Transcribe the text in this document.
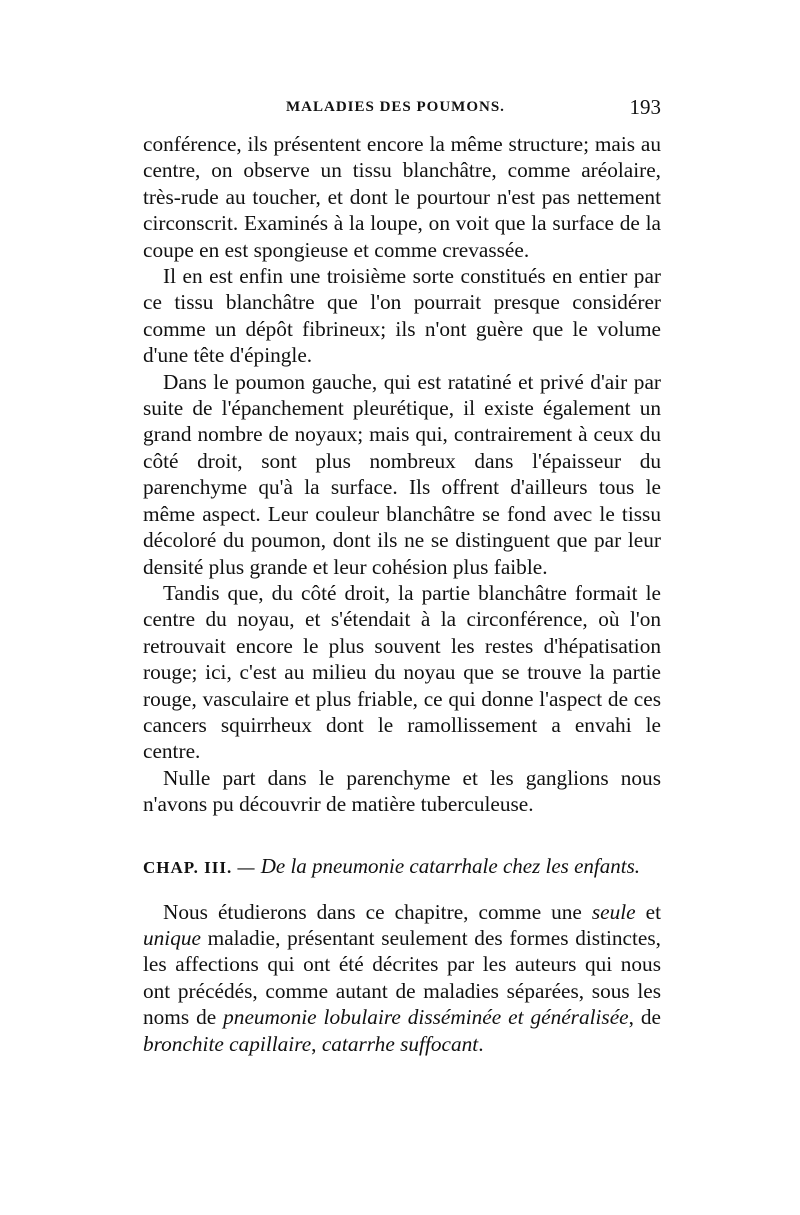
MALADIES DES POUMONS.	193

conférence, ils présentent encore la même structure; mais au centre, on observe un tissu blanchâtre, comme aréolaire, très-rude au toucher, et dont le pourtour n'est pas nettement circonscrit. Examinés à la loupe, on voit que la surface de la coupe en est spongieuse et comme crevassée.

Il en est enfin une troisième sorte constitués en entier par ce tissu blanchâtre que l'on pourrait presque considérer comme un dépôt fibrineux; ils n'ont guère que le volume d'une tête d'épingle.

Dans le poumon gauche, qui est ratatiné et privé d'air par suite de l'épanchement pleurétique, il existe également un grand nombre de noyaux; mais qui, contrairement à ceux du côté droit, sont plus nombreux dans l'épaisseur du parenchyme qu'à la surface. Ils offrent d'ailleurs tous le même aspect. Leur couleur blanchâtre se fond avec le tissu décoloré du poumon, dont ils ne se distinguent que par leur densité plus grande et leur cohésion plus faible.

Tandis que, du côté droit, la partie blanchâtre formait le centre du noyau, et s'étendait à la circonférence, où l'on retrouvait encore le plus souvent les restes d'hépatisation rouge; ici, c'est au milieu du noyau que se trouve la partie rouge, vasculaire et plus friable, ce qui donne l'aspect de ces cancers squirrheux dont le ramollissement a envahi le centre.

Nulle part dans le parenchyme et les ganglions nous n'avons pu découvrir de matière tuberculeuse.

CHAP. III. — De la pneumonie catarrhale chez les enfants.

Nous étudierons dans ce chapitre, comme une seule et unique maladie, présentant seulement des formes distinctes, les affections qui ont été décrites par les auteurs qui nous ont précédés, comme autant de maladies séparées, sous les noms de pneumonie lobulaire disséminée et généralisée, de bronchite capillaire, catarrhe suffocant.
